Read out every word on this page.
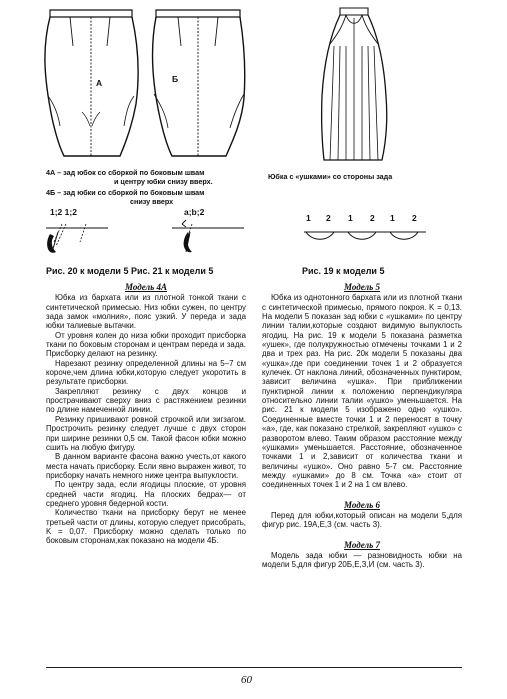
А	Б
4А – зад юбок со сборкой по боковым швам
и центру юбки снизу вверх.
4Б – зад юбки со сборкой по боковым швам
снизу вверх
Юбка с «ушками» со стороны зада
1;2 1;2	a;b;2
1 2 1 2 1 2
Рис. 20 к модели 5 Рис. 21 к модели 5	Рис. 19 к модели 5
Модель 4А

Юбка из бархата или из плотной тонкой ткани с синтетической примесью. Низ юбки сужен, по центру зада замок «молния», пояс узкий. У переда и зада юбки талиевые вытачки.

От уровня колен до низа юбки проходит присборка ткани по боковым сторонам и центрам переда и зада. Присборку делают на резинку.

Нарезают резинку определенной длины на 5–7 см короче,чем длина юбки,которую следует укоротить в результате присборки.

Закрепляют резинку с двух концов и прострачивают сверху вниз с растяжением резинки по длине намеченной линии.

Резинку пришивают ровной строчкой или зигзагом. Прострочить резинку следует лучше с двух сторон при ширине резинки 0,5 см. Такой фасон юбки можно сшить на любую фигуру.

В данном варианте фасона важно учесть,от какого места начать присборку. Если явно выражен живот, то присборку начать немного ниже центра выпуклости.

По центру зада, если ягодицы плоские, от уровня средней части ягодиц. На плоских бедрах— от среднего уровня бедерной кости.

Количество ткани на присборку берут не менее третьей части от длины, которую следует присобрать, K = 0,07. Присборку можно сделать только по боковым сторонам,как показано на модели 4Б.

Модель 5

Юбка из однотонного бархата или из плотной ткани с синтетической примесью, прямого покроя. K = 0,13. На модели 5 показан зад юбки с «ушками» по центру линии талии,которые создают видимую выпуклость ягодиц. На рис. 19 к модели 5 показана разметка «ушек», где полукружностью отмечены точками 1 и 2 два и трех раз. На рис. 20к модели 5 показаны два «ушка»,где при соединении точек 1 и 2 образуется кулечек. От наклона линий, обозначенных пунктиром, зависит величина «ушка». При приближении пунктирной линии к положению перпендикуляра относительно линии талии «ушко» уменьшается. На рис. 21 к модели 5 изображено одно «ушко». Соединенные вместе точки 1 и 2 переносят в точку «а», где, как показано стрелкой, закрепляют «ушко» с разворотом влево. Таким образом расстояние между «ушками» уменьшается. Расстояние, обозначенное точками 1 и 2,зависит от количества ткани и величины «ушко». Оно равно 5-7 см. Расстояние между «ушками» до 8 см. Точка «а» стоит от соединенных точек 1 и 2 на 1 см влево.

Модель 6

Перед для юбки,который описан на модели 5,для фигур рис. 19А,Е,З (см. часть 3).

Модель 7

Модель зада юбки — разновидность юбки на модели 5,для фигур 20Б,Е,З,И (см. часть 3).

60
